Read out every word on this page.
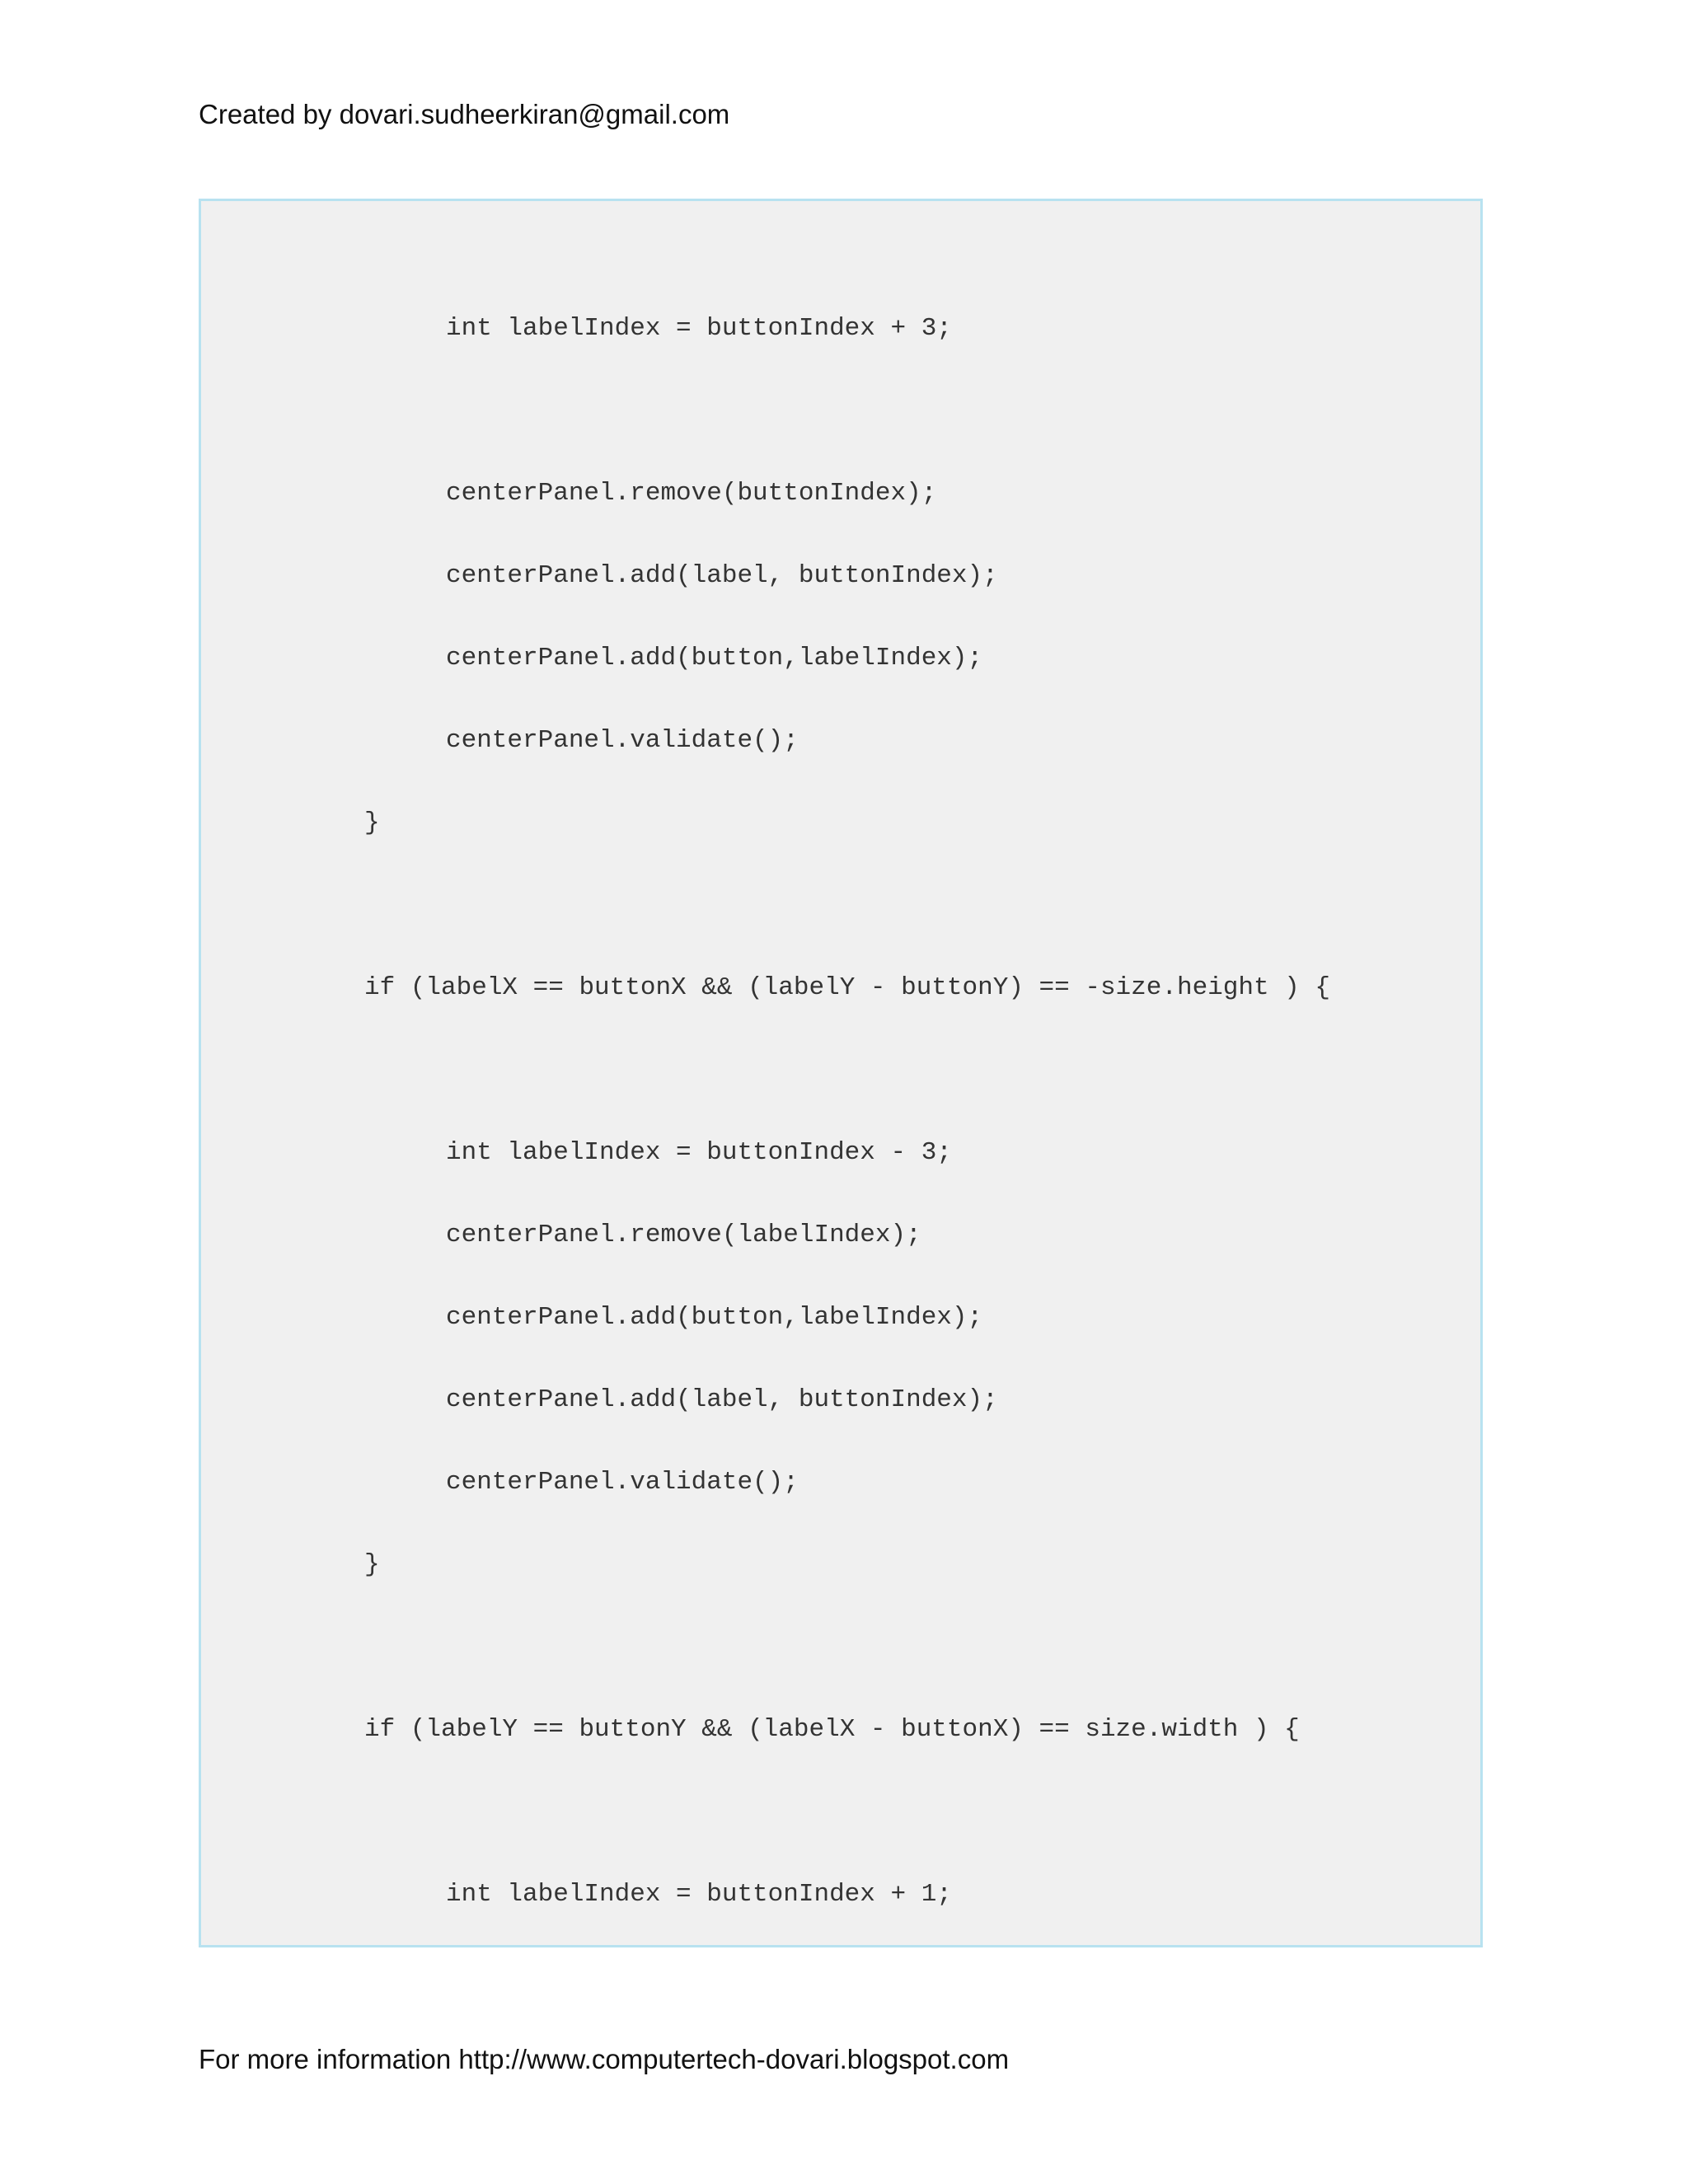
Created by dovari.sudheerkiran@gmail.com
int labelIndex = buttonIndex + 3;
centerPanel.remove(buttonIndex);
centerPanel.add(label, buttonIndex);
centerPanel.add(button,labelIndex);
centerPanel.validate();
}
if (labelX == buttonX && (labelY - buttonY) == -size.height ) {
int labelIndex = buttonIndex - 3;
centerPanel.remove(labelIndex);
centerPanel.add(button,labelIndex);
centerPanel.add(label, buttonIndex);
centerPanel.validate();
}
if (labelY == buttonY && (labelX - buttonX) == size.width ) {
int labelIndex = buttonIndex + 1;
For more information http://www.computertech-dovari.blogspot.com
